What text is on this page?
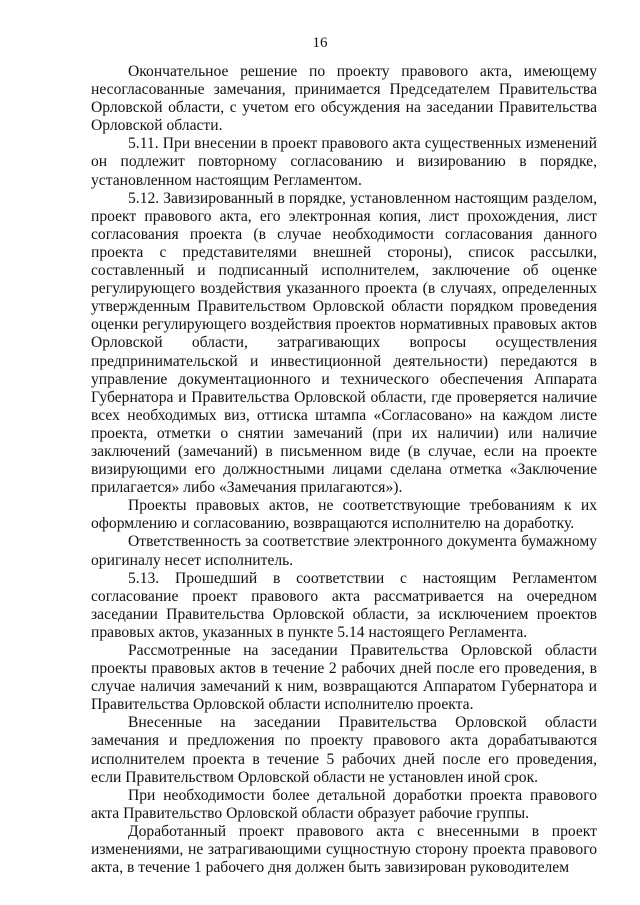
16

Окончательное решение по проекту правового акта, имеющему несогласованные замечания, принимается Председателем Правительства Орловской области, с учетом его обсуждения на заседании Правительства Орловской области.

5.11. При внесении в проект правового акта существенных изменений он подлежит повторному согласованию и визированию в порядке, установленном настоящим Регламентом.

5.12. Завизированный в порядке, установленном настоящим разделом, проект правового акта, его электронная копия, лист прохождения, лист согласования проекта (в случае необходимости согласования данного проекта с представителями внешней стороны), список рассылки, составленный и подписанный исполнителем, заключение об оценке регулирующего воздействия указанного проекта (в случаях, определенных утвержденным Правительством Орловской области порядком проведения оценки регулирующего воздействия проектов нормативных правовых актов Орловской области, затрагивающих вопросы осуществления предпринимательской и инвестиционной деятельности) передаются в управление документационного и технического обеспечения Аппарата Губернатора и Правительства Орловской области, где проверяется наличие всех необходимых виз, оттиска штампа «Согласовано» на каждом листе проекта, отметки о снятии замечаний (при их наличии) или наличие заключений (замечаний) в письменном виде (в случае, если на проекте визирующими его должностными лицами сделана отметка «Заключение прилагается» либо «Замечания прилагаются»).

Проекты правовых актов, не соответствующие требованиям к их оформлению и согласованию, возвращаются исполнителю на доработку.

Ответственность за соответствие электронного документа бумажному оригиналу несет исполнитель.

5.13. Прошедший в соответствии с настоящим Регламентом согласование проект правового акта рассматривается на очередном заседании Правительства Орловской области, за исключением проектов правовых актов, указанных в пункте 5.14 настоящего Регламента.

Рассмотренные на заседании Правительства Орловской области проекты правовых актов в течение 2 рабочих дней после его проведения, в случае наличия замечаний к ним, возвращаются Аппаратом Губернатора и Правительства Орловской области исполнителю проекта.

Внесенные на заседании Правительства Орловской области замечания и предложения по проекту правового акта дорабатываются исполнителем проекта в течение 5 рабочих дней после его проведения, если Правительством Орловской области не установлен иной срок.

При необходимости более детальной доработки проекта правового акта Правительство Орловской области образует рабочие группы.

Доработанный проект правового акта с внесенными в проект изменениями, не затрагивающими сущностную сторону проекта правового акта, в течение 1 рабочего дня должен быть завизирован руководителем
